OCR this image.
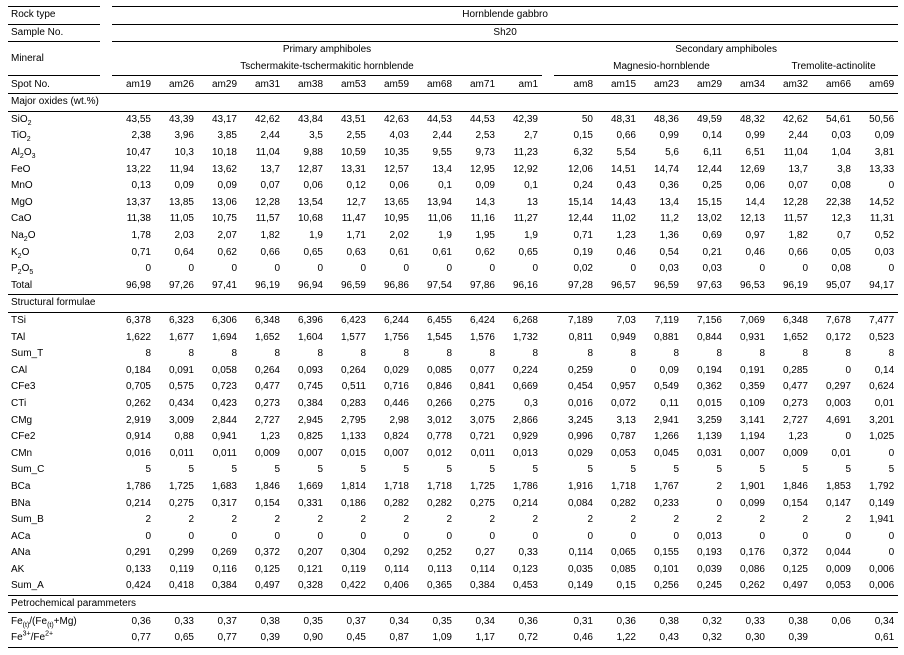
Rock type		Hornblende gabbro																		
Sample No.		Sh20																		
Mineral		Primary amphiboles											Secondary amphiboles							
		Tschermakite-tschermakitic hornblende											Magnesio-hornblende					Tremolite-actinolite		
Spot No.		am19	am26	am29	am31	am38	am53	am59	am68	am71	am1		am8	am15	am23	am29	am34	am32	am66	am69
Major oxides (wt.%)																				
SiO$_2$		43,55	43,39	43,17	42,62	43,84	43,51	42,63	44,53	44,53	42,39		50	48,31	48,36	49,59	48,32	42,62	54,61	50,56
TiO$_2$		2,38	3,96	3,85	2,44	3,5	2,55	4,03	2,44	2,53	2,7		0,15	0,66	0,99	0,14	0,99	2,44	0,03	0,09
$Al_2O_3$		10,47	10,3	10,18	11,04	9,88	10,59	10,35	9,55	9,73	11,23		6,32	5,54	5,6	6,11	6,51	11,04	1,04	3,81
FeO		13,22	11,94	13,62	13,7	12,87	13,31	12,57	13,4	12,95	12,92		12,06	14,51	14,74	12,44	12,69	13,7	3,8	13,33
MnO		0,13	0,09	0,09	0,07	0,06	0,12	0,06	0,1	0,09	0,1		0,24	0,43	0,36	0,25	0,06	0,07	0,08	0
MgO		13,37	13,85	13,06	12,28	13,54	12,7	13,65	13,94	14,3	13		15,14	14,43	13,4	15,15	14,4	12,28	22,38	14,52
CaO		11,38	11,05	10,75	11,57	10,68	11,47	10,95	11,06	11,16	11,27		12,44	11,02	11,2	13,02	12,13	11,57	12,3	11,31
$Na_2O$		1,78	2,03	2,07	1,82	1,9	1,71	2,02	1,9	1,95	1,9		0,71	1,23	1,36	0,69	0,97	1,82	0,7	0,52
$K_2O$		0,71	0,64	0,62	0,66	0,65	0,63	0,61	0,61	0,62	0,65		0,19	0,46	0,54	0,21	0,46	0,66	0,05	0,03
$P_2O_5$		0	0	0	0	0	0	0	0	0	0		0,02	0	0,03	0,03	0	0	0,08	0
Total		96,98	97,26	97,41	96,19	96,94	96,59	96,86	97,54	97,86	96,16		97,28	96,57	96,59	97,63	96,53	96,19	95,07	94,17
Structural formulae																				
TSi		6,378	6,323	6,306	6,348	6,396	6,423	6,244	6,455	6,424	6,268		7,189	7,03	7,119	7,156	7,069	6,348	7,678	7,477
TAl		1,622	1,677	1,694	1,652	1,604	1,577	1,756	1,545	1,576	1,732		0,811	0,949	0,881	0,844	0,931	1,652	0,172	0,523
Sum_T		8	8	8	8	8	8	8	8	8	8		8	8	8	8	8	8	8	8
CAl		0,184	0,091	0,058	0,264	0,093	0,264	0,029	0,085	0,077	0,224		0,259	0	0,09	0,194	0,191	0,285	0	0,14
CFe3		0,705	0,575	0,723	0,477	0,745	0,511	0,716	0,846	0,841	0,669		0,454	0,957	0,549	0,362	0,359	0,477	0,297	0,624
CTi		0,262	0,434	0,423	0,273	0,384	0,283	0,446	0,266	0,275	0,3		0,016	0,072	0,11	0,015	0,109	0,273	0,003	0,01
CMg		2,919	3,009	2,844	2,727	2,945	2,795	2,98	3,012	3,075	2,866		3,245	3,13	2,941	3,259	3,141	2,727	4,691	3,201
CFe2		0,914	0,88	0,941	1,23	0,825	1,133	0,824	0,778	0,721	0,929		0,996	0,787	1,266	1,139	1,194	1,23	0	1,025
CMn		0,016	0,011	0,011	0,009	0,007	0,015	0,007	0,012	0,011	0,013		0,029	0,053	0,045	0,031	0,007	0,009	0,01	0
Sum_C		5	5	5	5	5	5	5	5	5	5		5	5	5	5	5	5	5	5
BCa		1,786	1,725	1,683	1,846	1,669	1,814	1,718	1,718	1,725	1,786		1,916	1,718	1,767	2	1,901	1,846	1,853	1,792
BNa		0,214	0,275	0,317	0,154	0,331	0,186	0,282	0,282	0,275	0,214		0,084	0,282	0,233	0	0,099	0,154	0,147	0,149
Sum_B		2	2	2	2	2	2	2	2	2	2		2	2	2	2	2	2	2	1,941
ACa		0	0	0	0	0	0	0	0	0	0		0	0	0	0,013	0	0	0	0
ANa		0,291	0,299	0,269	0,372	0,207	0,304	0,292	0,252	0,27	0,33		0,114	0,065	0,155	0,193	0,176	0,372	0,044	0
AK		0,133	0,119	0,116	0,125	0,121	0,119	0,114	0,113	0,114	0,123		0,035	0,085	0,101	0,039	0,086	0,125	0,009	0,006
Sum_A		0,424	0,418	0,384	0,497	0,328	0,422	0,406	0,365	0,384	0,453		0,149	0,15	0,256	0,245	0,262	0,497	0,053	0,006
Petrochemical parammeters																				
$Fe_{(t)}/(Fe_{(t)}+Mg)$		0,36	0,33	0,37	0,38	0,35	0,37	0,34	0,35	0,34	0,36		0,31	0,36	0,38	0,32	0,33	0,38	0,06	0,34
$Fe^{3+}/Fe^{2+}$		0,77	0,65	0,77	0,39	0,90	0,45	0,87	1,09	1,17	0,72		0,46	1,22	0,43	0,32	0,30	0,39		0,61
